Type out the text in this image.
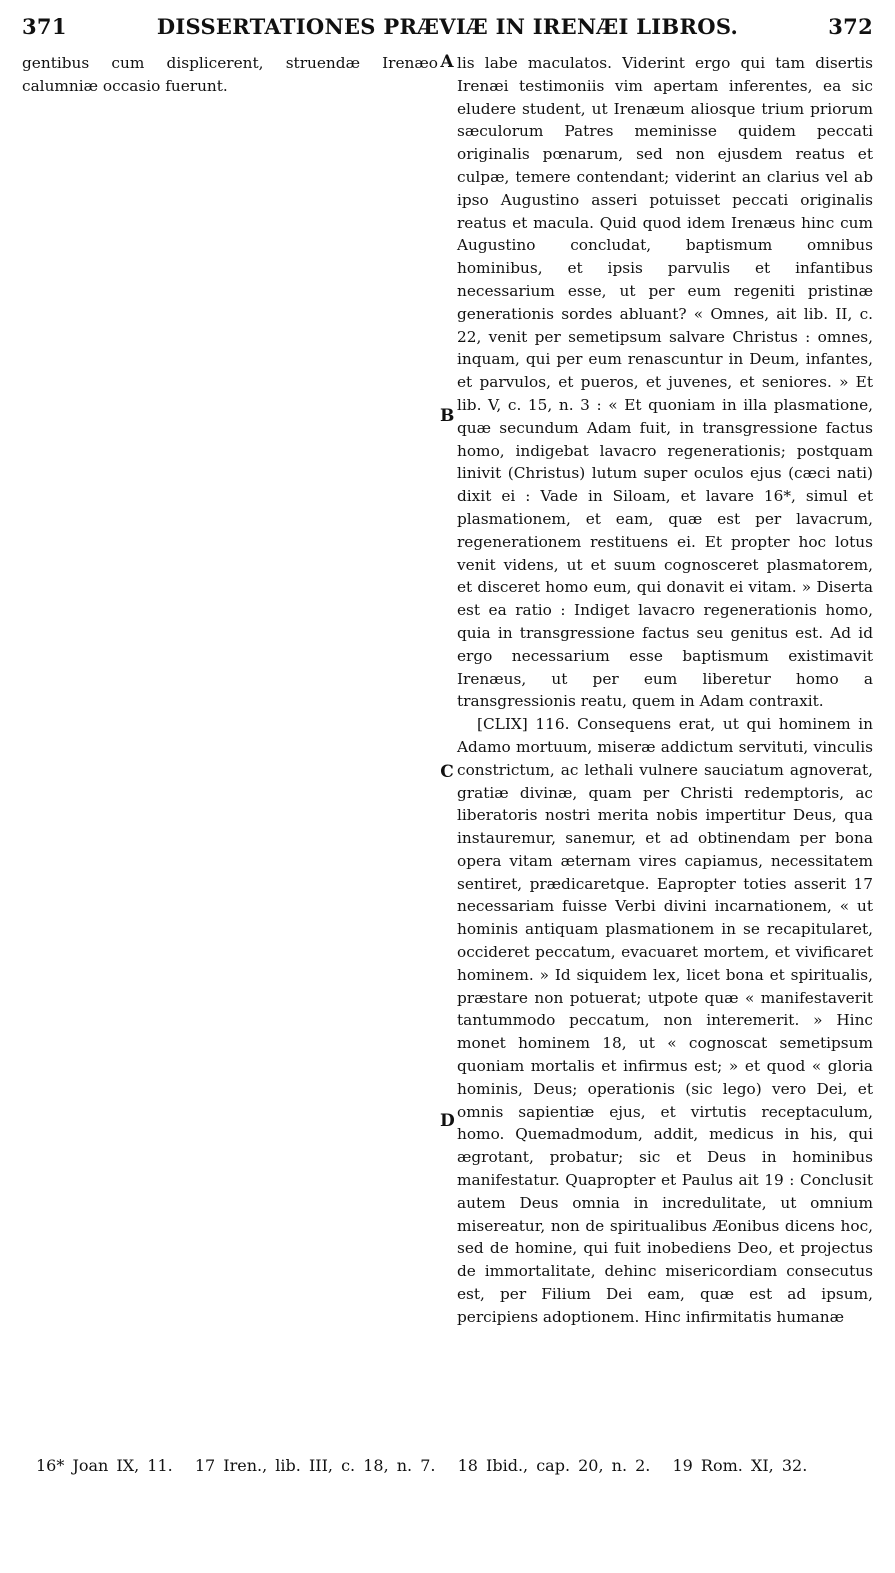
371	DISSERTATIONES PRÆVIÆ IN IRENÆI LIBROS.	372

gentibus cum displicerent, struendæ Irenæo calumniæ occasio fuerunt.

A
B
C
D

lis labe maculatos. Viderint ergo qui tam disertis Irenæi testimoniis vim apertam inferentes, ea sic eludere student, ut Irenæum aliosque trium priorum sæculorum Patres meminisse quidem peccati originalis pœnarum, sed non ejusdem reatus et culpæ, temere contendant; viderint an clarius vel ab ipso Augustino asseri potuisset peccati originalis reatus et macula. Quid quod idem Irenæus hinc cum Augustino concludat, baptismum omnibus hominibus, et ipsis parvulis et infantibus necessarium esse, ut per eum regeniti pristinæ generationis sordes abluant? « Omnes, ait lib. II, c. 22, venit per semetipsum salvare Christus : omnes, inquam, qui per eum renascuntur in Deum, infantes, et parvulos, et pueros, et juvenes, et seniores. » Et lib. V, c. 15, n. 3 : « Et quoniam in illa plasmatione, quæ secundum Adam fuit, in transgressione factus homo, indigebat lavacro regenerationis; postquam linivit (Christus) lutum super oculos ejus (cæci nati) dixit ei : Vade in Siloam, et lavare 16*, simul et plasmationem, et eam, quæ est per lavacrum, regenerationem restituens ei. Et propter hoc lotus venit videns, ut et suum cognosceret plasmatorem, et disceret homo eum, qui donavit ei vitam. » Diserta est ea ratio : Indiget lavacro regenerationis homo, quia in transgressione factus seu genitus est. Ad id ergo necessarium esse baptismum existimavit Irenæus, ut per eum liberetur homo a transgressionis reatu, quem in Adam contraxit.

[CLIX] 116. Consequens erat, ut qui hominem in Adamo mortuum, miseræ addictum servituti, vinculis constrictum, ac lethali vulnere sauciatum agnoverat, gratiæ divinæ, quam per Christi redemptoris, ac liberatoris nostri merita nobis impertitur Deus, qua instauremur, sanemur, et ad obtinendam per bona opera vitam æternam vires capiamus, necessitatem sentiret, prædicaretque. Eapropter toties asserit 17 necessariam fuisse Verbi divini incarnationem, « ut hominis antiquam plasmationem in se recapitularet, occideret peccatum, evacuaret mortem, et vivificaret hominem. » Id siquidem lex, licet bona et spiritualis, præstare non potuerat; utpote quæ « manifestaverit tantummodo peccatum, non interemerit. » Hinc monet hominem 18, ut « cognoscat semetipsum quoniam mortalis et infirmus est; » et quod « gloria hominis, Deus; operationis (sic lego) vero Dei, et omnis sapientiæ ejus, et virtutis receptaculum, homo. Quemadmodum, addit, medicus in his, qui ægrotant, probatur; sic et Deus in hominibus manifestatur. Quapropter et Paulus ait 19 : Conclusit autem Deus omnia in incredulitate, ut omnium misereatur, non de spiritualibus Æonibus dicens hoc, sed de homine, qui fuit inobediens Deo, et projectus de immortalitate, dehinc misericordiam consecutus est, per Filium Dei eam, quæ est ad ipsum, percipiens adoptionem. Hinc infirmitatis humanæ

16* Joan IX, 11. 17 Iren., lib. III, c. 18, n. 7. 18 Ibid., cap. 20, n. 2. 19 Rom. XI, 32.
